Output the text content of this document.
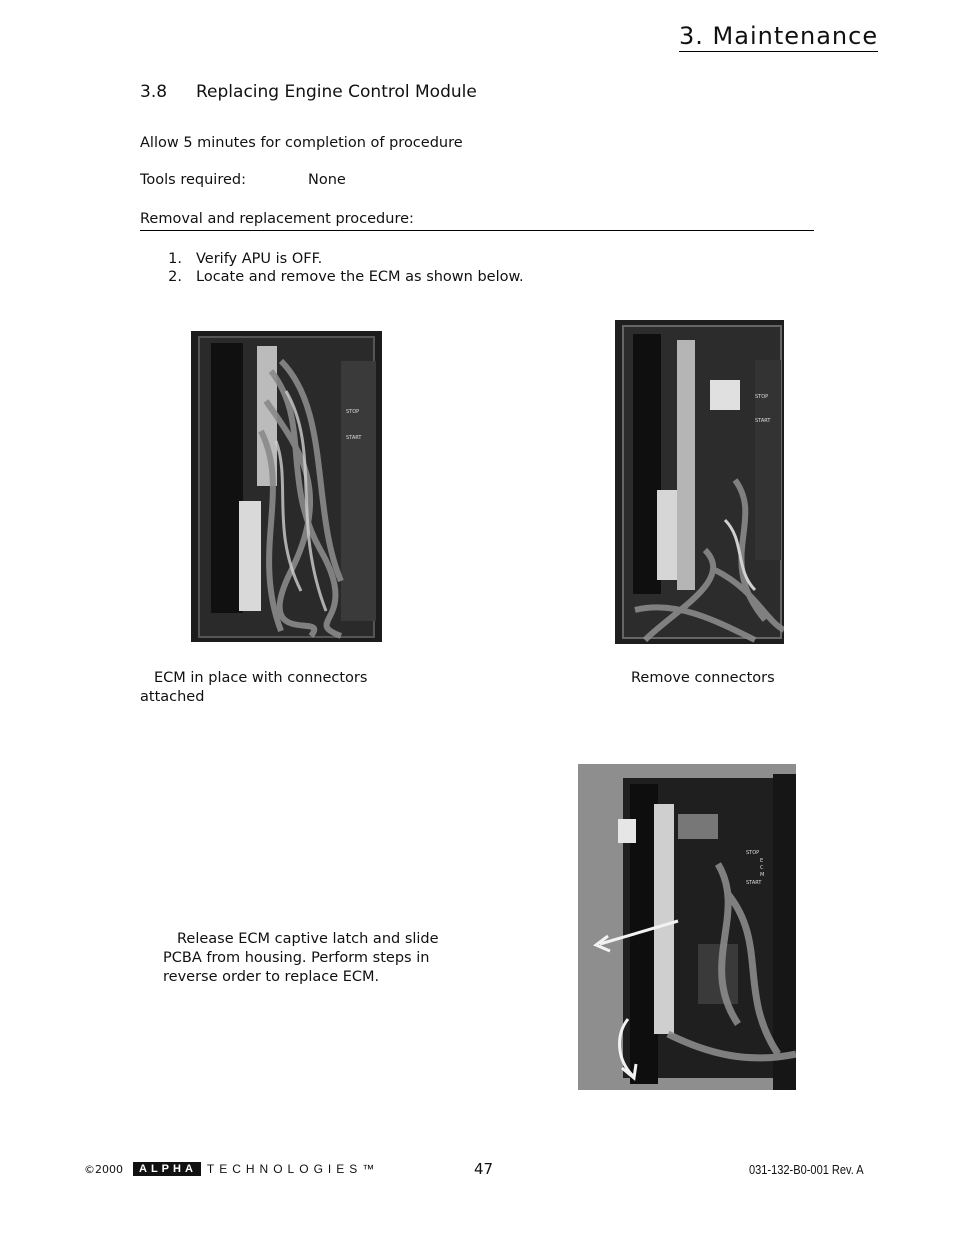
3. Maintenance
3.8 Replacing Engine Control Module
Allow 5 minutes for completion of procedure
Tools required:	None
Removal and replacement procedure:
1. Verify APU is OFF.
2. Locate and remove the ECM as shown below.
STOP
START
STOP
START
ECM in place with connectors
attached
Remove connectors
Release ECM captive latch and slide
PCBA from housing. Perform steps in
reverse order to replace ECM.
STOP
E
C
M
START
©2000	ALPHA TECHNOLOGIES™	47	031-132-B0-001 Rev. A
